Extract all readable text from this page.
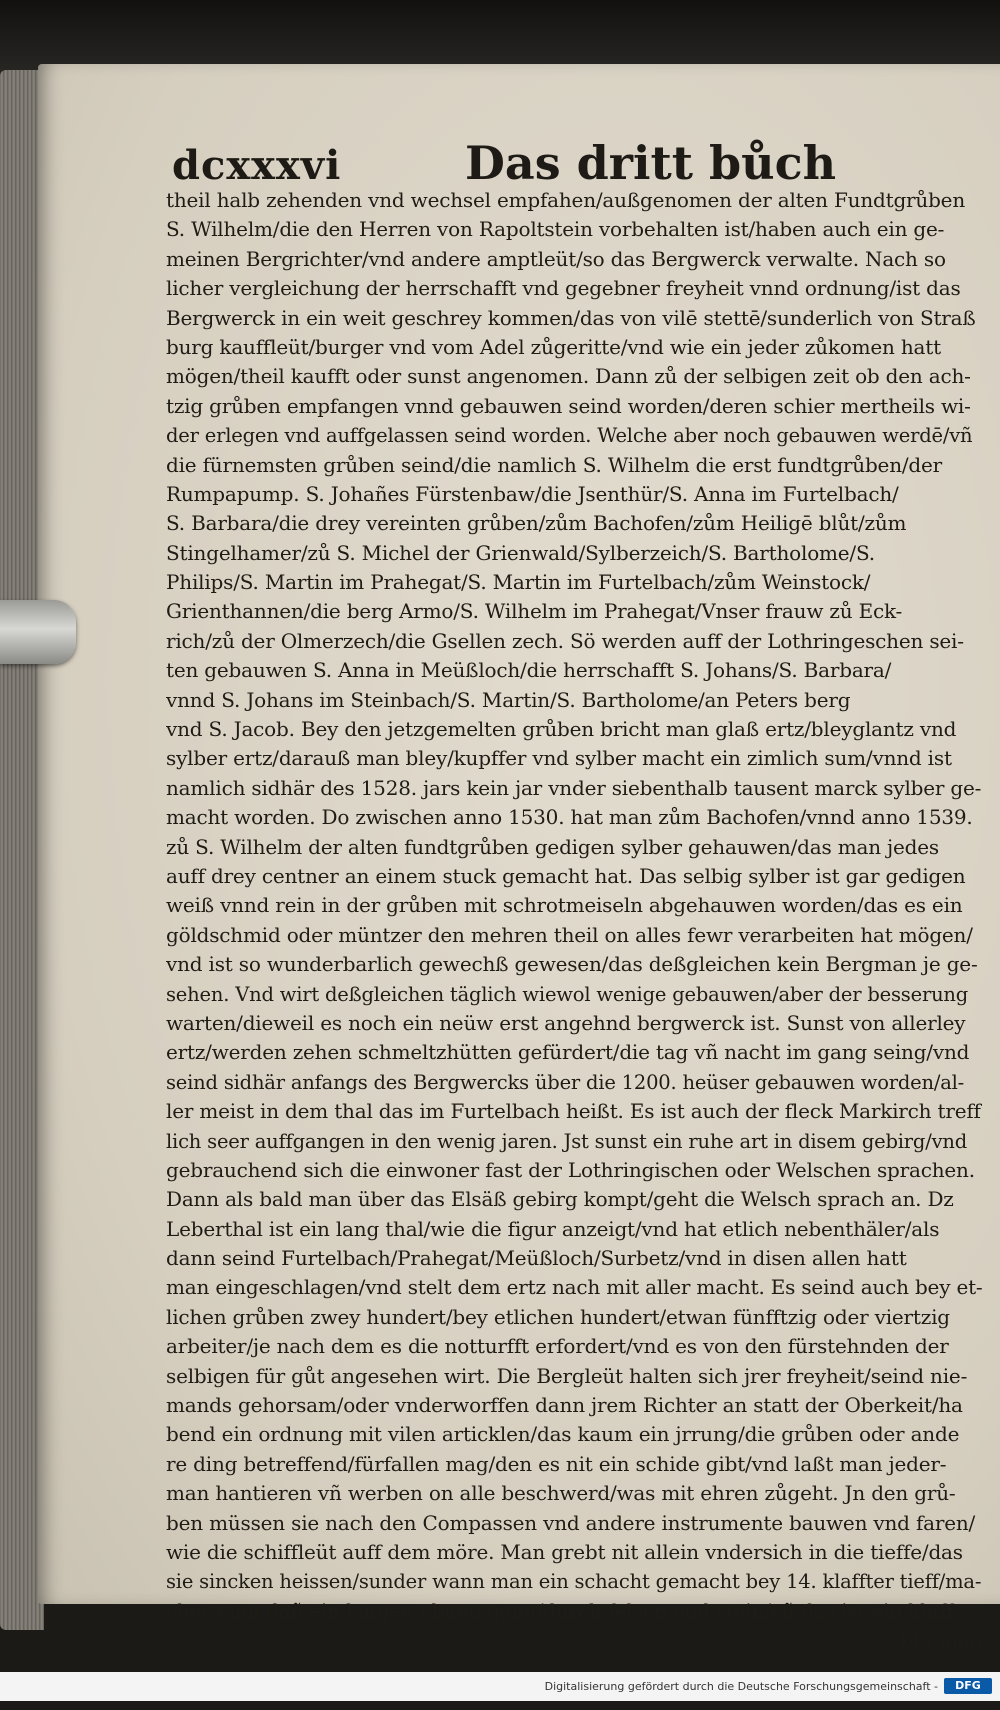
dcxxxvi	Das dritt bůch
theil halb zehenden vnd wechsel empfahen/außgenomen der alten Fundtgrůben
S. Wilhelm/die den Herren von Rapoltstein vorbehalten ist/haben auch ein ge-
meinen Bergrichter/vnd andere amptleüt/so das Bergwerck verwalte. Nach so
licher vergleichung der herrschafft vnd gegebner freyheit vnnd ordnung/ist das
Bergwerck in ein weit geschrey kommen/das von vilē stettē/sunderlich von Straß
burg kauffleüt/burger vnd vom Adel zůgeritte/vnd wie ein jeder zůkomen hatt
mögen/theil kaufft oder sunst angenomen. Dann zů der selbigen zeit ob den ach-
tzig grůben empfangen vnnd gebauwen seind worden/deren schier mertheils wi-
der erlegen vnd auffgelassen seind worden. Welche aber noch gebauwen werdē/vñ
die fürnemsten grůben seind/die namlich S. Wilhelm die erst fundtgrůben/der
Rumpapump. S. Johañes Fürstenbaw/die Jsenthür/S. Anna im Furtelbach/
S. Barbara/die drey vereinten grůben/zům Bachofen/zům Heiligē blůt/zům
Stingelhamer/zů S. Michel der Grienwald/Sylberzeich/S. Bartholome/S.
Philips/S. Martin im Prahegat/S. Martin im Furtelbach/zům Weinstock/
Grienthannen/die berg Armo/S. Wilhelm im Prahegat/Vnser frauw zů Eck-
rich/zů der Olmerzech/die Gsellen zech. Sö werden auff der Lothringeschen sei-
ten gebauwen S. Anna in Meüßloch/die herrschafft S. Johans/S. Barbara/
vnnd S. Johans im Steinbach/S. Martin/S. Bartholome/an Peters berg
vnd S. Jacob. Bey den jetzgemelten grůben bricht man glaß ertz/bleyglantz vnd
sylber ertz/darauß man bley/kupffer vnd sylber macht ein zimlich sum/vnnd ist
namlich sidhär des 1528. jars kein jar vnder siebenthalb tausent marck sylber ge-
macht worden. Do zwischen anno 1530. hat man zům Bachofen/vnnd anno 1539.
zů S. Wilhelm der alten fundtgrůben gedigen sylber gehauwen/das man jedes
auff drey centner an einem stuck gemacht hat. Das selbig sylber ist gar gedigen
weiß vnnd rein in der grůben mit schrotmeiseln abgehauwen worden/das es ein
göldschmid oder müntzer den mehren theil on alles fewr verarbeiten hat mögen/
vnd ist so wunderbarlich gewechß gewesen/das deßgleichen kein Bergman je ge-
sehen. Vnd wirt deßgleichen täglich wiewol wenige gebauwen/aber der besserung
warten/dieweil es noch ein neüw erst angehnd bergwerck ist. Sunst von allerley
ertz/werden zehen schmeltzhütten gefürdert/die tag vñ nacht im gang seing/vnd
seind sidhär anfangs des Bergwercks über die 1200. heüser gebauwen worden/al-
ler meist in dem thal das im Furtelbach heißt. Es ist auch der fleck Markirch treff
lich seer auffgangen in den wenig jaren. Jst sunst ein ruhe art in disem gebirg/vnd
gebrauchend sich die einwoner fast der Lothringischen oder Welschen sprachen.
Dann als bald man über das Elsäß gebirg kompt/geht die Welsch sprach an. Dz
Leberthal ist ein lang thal/wie die figur anzeigt/vnd hat etlich nebenthäler/als
dann seind Furtelbach/Prahegat/Meüßloch/Surbetz/vnd in disen allen hatt
man eingeschlagen/vnd stelt dem ertz nach mit aller macht. Es seind auch bey et-
lichen grůben zwey hundert/bey etlichen hundert/etwan fünfftzig oder viertzig
arbeiter/je nach dem es die notturfft erfordert/vnd es von den fürstehnden der
selbigen für gůt angesehen wirt. Die Bergleüt halten sich jrer freyheit/seind nie-
mands gehorsam/oder vnderworffen dann jrem Richter an statt der Oberkeit/ha
bend ein ordnung mit vilen articklen/das kaum ein jrrung/die grůben oder ande
re ding betreffend/fürfallen mag/den es nit ein schide gibt/vnd laßt man jeder-
man hantieren vñ werben on alle beschwerd/was mit ehren zůgeht. Jn den grů-
ben müssen sie nach den Compassen vnd andere instrumente bauwen vnd faren/
wie die schiffleüt auff dem möre. Man grebt nit allein vndersich in die tieffe/das
sie sincken heissen/sunder wann man ein schacht gemacht bey 14. klaffter tieff/ma-
cher man dañ ein langen ebnen gang/durch felsen vnd stein/vñ das ist ein kluff
biß man
Digitalisierung gefördert durch die Deutsche Forschungsgemeinschaft -	DFG
